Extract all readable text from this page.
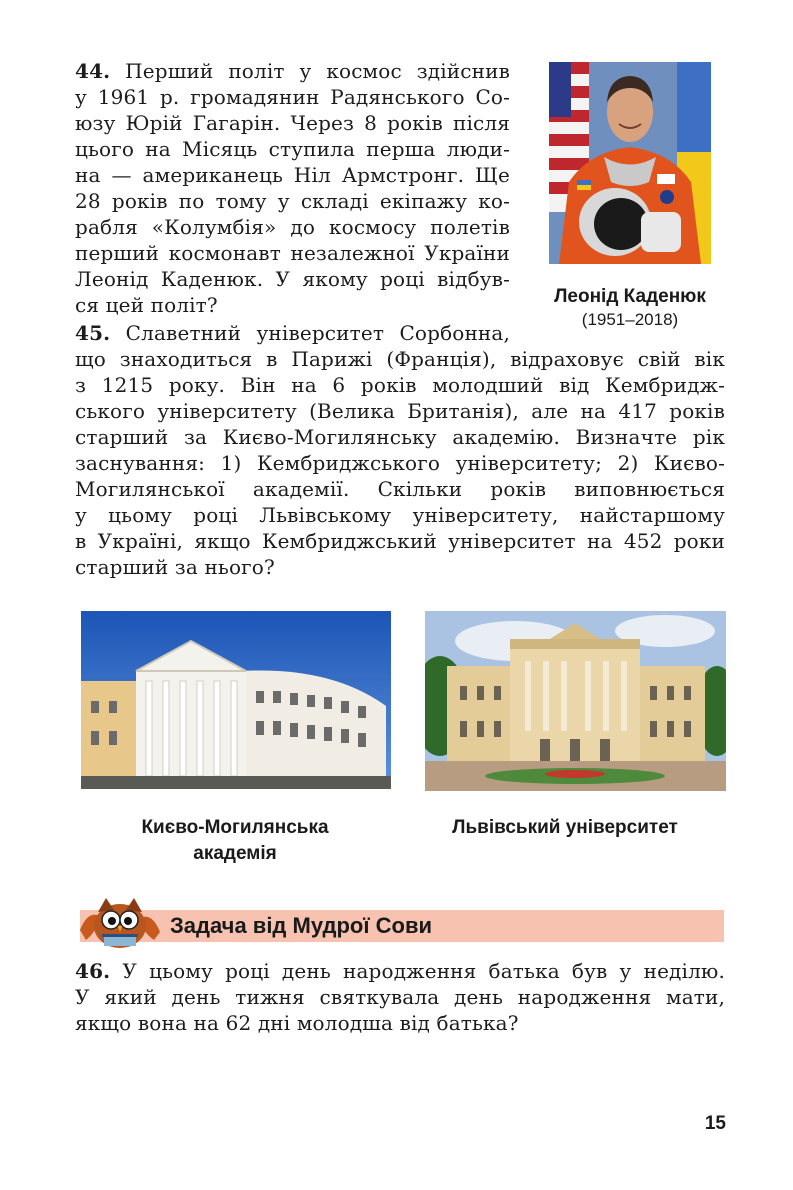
44. Перший політ у космос здійснив
у 1961 р. громадянин Радянського Со-
юзу Юрій Гагарін. Через 8 років після
цього на Місяць ступила перша люди-
на — американець Ніл Армстронг. Ще
28 років по тому у складі екіпажу ко-
рабля «Колумбія» до космосу полетів
перший космонавт незалежної України
Леонід Каденюк. У якому році відбув-
ся цей політ?	Леонід Каденюк
(1951–2018)
45. Славетний університет Сорбонна,
що знаходиться в Парижі (Франція), відраховує свій вік
з 1215 року. Він на 6 років молодший від Кембридж-
ського університету (Велика Британія), але на 417 років
старший за Києво-Могилянську академію. Визначте рік
заснування: 1) Кембриджського університету; 2) Києво-
Могилянської академії. Скільки років виповнюється
у цьому році Львівському університету, найстаршому
в Україні, якщо Кембриджський університет на 452 роки
старший за нього?
Києво-Могилянська
академія
Львівський університет
Задача від Мудрої Сови
46. У цьому році день народження батька був у неділю.
У який день тижня святкувала день народження мати,
якщо вона на 62 дні молодша від батька?
15
